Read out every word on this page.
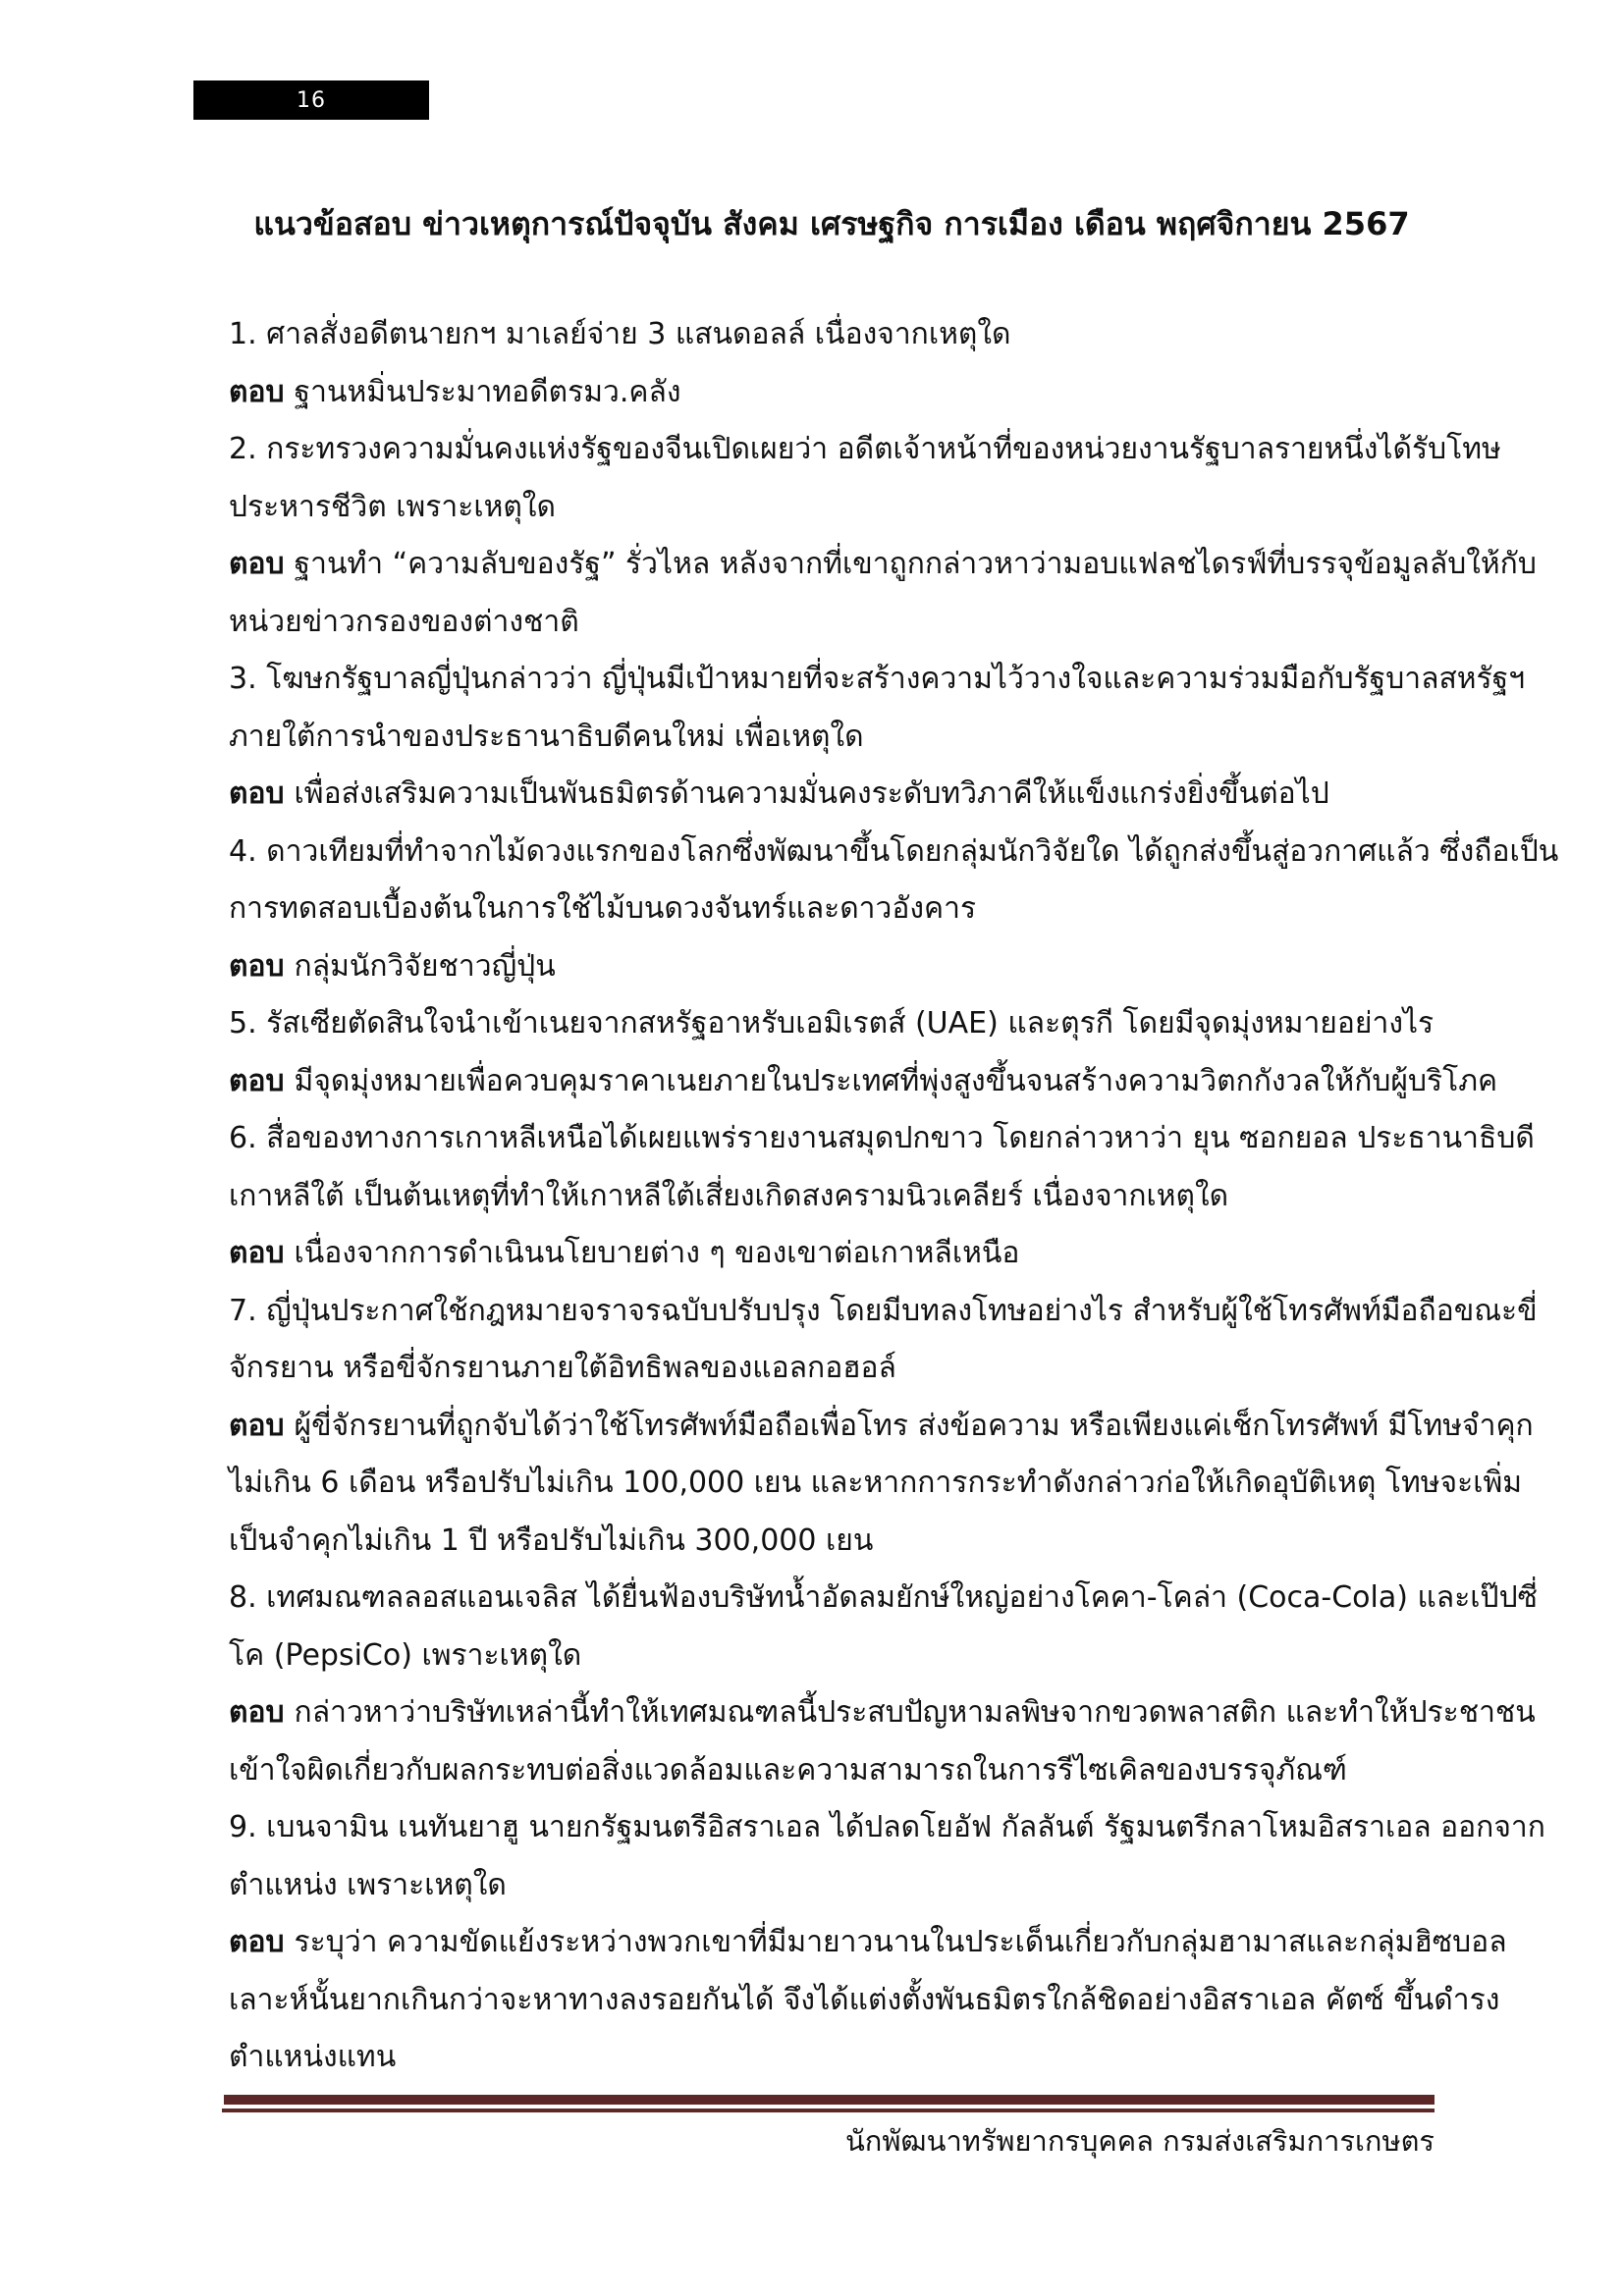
16
แนวข้อสอบ ข่าวเหตุการณ์ปัจจุบัน สังคม เศรษฐกิจ การเมือง เดือน พฤศจิกายน 2567
1. ศาลสั่งอดีตนายกฯ มาเลย์จ่าย 3 แสนดอลล์ เนื่องจากเหตุใด
ตอบ ฐานหมิ่นประมาทอดีตรมว.คลัง
2. กระทรวงความมั่นคงแห่งรัฐของจีนเปิดเผยว่า อดีตเจ้าหน้าที่ของหน่วยงานรัฐบาลรายหนึ่งได้รับโทษ
ประหารชีวิต เพราะเหตุใด
ตอบ ฐานทำ “ความลับของรัฐ” รั่วไหล หลังจากที่เขาถูกกล่าวหาว่ามอบแฟลชไดรฟ์ที่บรรจุข้อมูลลับให้กับ
หน่วยข่าวกรองของต่างชาติ
3. โฆษกรัฐบาลญี่ปุ่นกล่าวว่า ญี่ปุ่นมีเป้าหมายที่จะสร้างความไว้วางใจและความร่วมมือกับรัฐบาลสหรัฐฯ
ภายใต้การนำของประธานาธิบดีคนใหม่ เพื่อเหตุใด
ตอบ เพื่อส่งเสริมความเป็นพันธมิตรด้านความมั่นคงระดับทวิภาคีให้แข็งแกร่งยิ่งขึ้นต่อไป
4. ดาวเทียมที่ทำจากไม้ดวงแรกของโลกซึ่งพัฒนาขึ้นโดยกลุ่มนักวิจัยใด ได้ถูกส่งขึ้นสู่อวกาศแล้ว ซึ่งถือเป็น
การทดสอบเบื้องต้นในการใช้ไม้บนดวงจันทร์และดาวอังคาร
ตอบ กลุ่มนักวิจัยชาวญี่ปุ่น
5. รัสเซียตัดสินใจนำเข้าเนยจากสหรัฐอาหรับเอมิเรตส์ (UAE) และตุรกี โดยมีจุดมุ่งหมายอย่างไร
ตอบ มีจุดมุ่งหมายเพื่อควบคุมราคาเนยภายในประเทศที่พุ่งสูงขึ้นจนสร้างความวิตกกังวลให้กับผู้บริโภค
6. สื่อของทางการเกาหลีเหนือได้เผยแพร่รายงานสมุดปกขาว โดยกล่าวหาว่า ยุน ซอกยอล ประธานาธิบดี
เกาหลีใต้ เป็นต้นเหตุที่ทำให้เกาหลีใต้เสี่ยงเกิดสงครามนิวเคลียร์ เนื่องจากเหตุใด
ตอบ เนื่องจากการดำเนินนโยบายต่าง ๆ ของเขาต่อเกาหลีเหนือ
7. ญี่ปุ่นประกาศใช้กฎหมายจราจรฉบับปรับปรุง โดยมีบทลงโทษอย่างไร สำหรับผู้ใช้โทรศัพท์มือถือขณะขี่
จักรยาน หรือขี่จักรยานภายใต้อิทธิพลของแอลกอฮอล์
ตอบ ผู้ขี่จักรยานที่ถูกจับได้ว่าใช้โทรศัพท์มือถือเพื่อโทร ส่งข้อความ หรือเพียงแค่เช็กโทรศัพท์ มีโทษจำคุก
ไม่เกิน 6 เดือน หรือปรับไม่เกิน 100,000 เยน และหากการกระทำดังกล่าวก่อให้เกิดอุบัติเหตุ โทษจะเพิ่ม
เป็นจำคุกไม่เกิน 1 ปี หรือปรับไม่เกิน 300,000 เยน
8. เทศมณฑลลอสแอนเจลิส ได้ยื่นฟ้องบริษัทน้ำอัดลมยักษ์ใหญ่อย่างโคคา-โคล่า (Coca-Cola) และเป๊ปซี่
โค (PepsiCo) เพราะเหตุใด
ตอบ กล่าวหาว่าบริษัทเหล่านี้ทำให้เทศมณฑลนี้ประสบปัญหามลพิษจากขวดพลาสติก และทำให้ประชาชน
เข้าใจผิดเกี่ยวกับผลกระทบต่อสิ่งแวดล้อมและความสามารถในการรีไซเคิลของบรรจุภัณฑ์
9. เบนจามิน เนทันยาฮู นายกรัฐมนตรีอิสราเอล ได้ปลดโยอัฟ กัลลันต์ รัฐมนตรีกลาโหมอิสราเอล ออกจาก
ตำแหน่ง เพราะเหตุใด
ตอบ ระบุว่า ความขัดแย้งระหว่างพวกเขาที่มีมายาวนานในประเด็นเกี่ยวกับกลุ่มฮามาสและกลุ่มฮิซบอล
เลาะห์นั้นยากเกินกว่าจะหาทางลงรอยกันได้ จึงได้แต่งตั้งพันธมิตรใกล้ชิดอย่างอิสราเอล คัตซ์ ขึ้นดำรง
ตำแหน่งแทน
นักพัฒนาทรัพยากรบุคคล กรมส่งเสริมการเกษตร
